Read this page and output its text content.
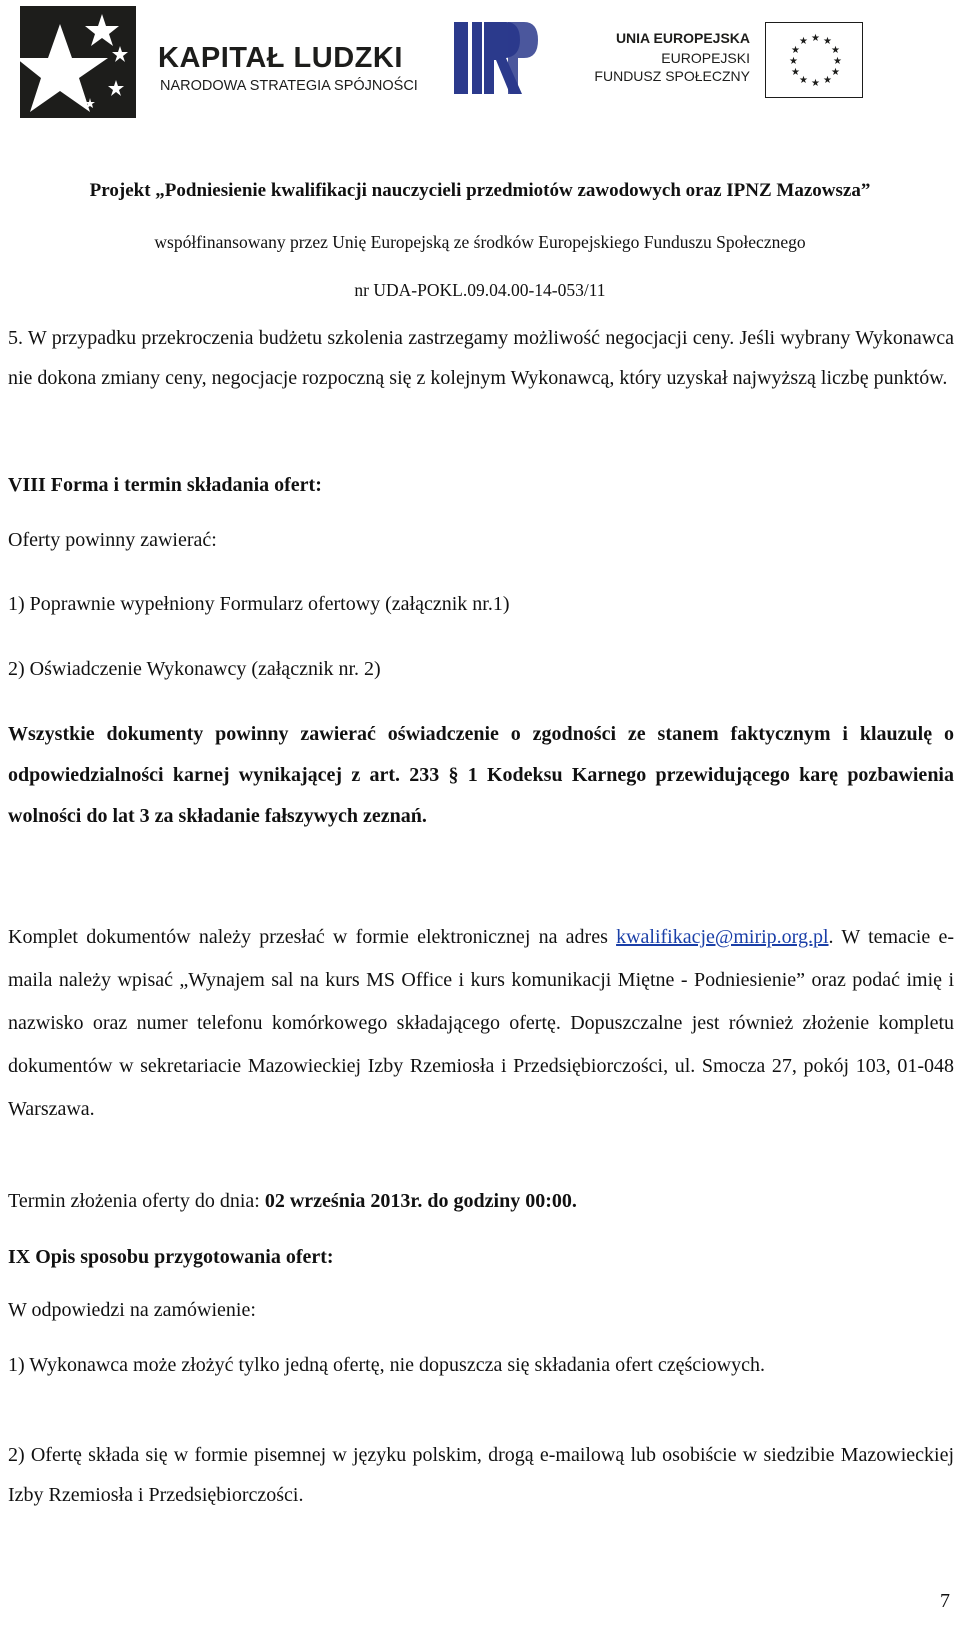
KAPITAŁ LUDZKI
NARODOWA STRATEGIA SPÓJNOŚCI
UNIA EUROPEJSKA
EUROPEJSKI
FUNDUSZ SPOŁECZNY
★ ★
★
★
★
★
★
★
★
★
★
★
Projekt „Podniesienie kwalifikacji nauczycieli przedmiotów zawodowych oraz IPNZ Mazowsza”
współfinansowany przez Unię Europejską ze środków Europejskiego Funduszu Społecznego
nr UDA-POKL.09.04.00-14-053/11
5. W przypadku przekroczenia budżetu szkolenia zastrzegamy możliwość negocjacji ceny. Jeśli wybrany Wykonawca nie dokona zmiany ceny, negocjacje rozpoczną się z kolejnym Wykonawcą, który uzyskał najwyższą liczbę punktów.
VIII Forma i termin składania ofert:
Oferty powinny zawierać:
1) Poprawnie wypełniony Formularz ofertowy (załącznik nr.1)
2) Oświadczenie Wykonawcy (załącznik nr. 2)
Wszystkie dokumenty powinny zawierać oświadczenie o zgodności ze stanem faktycznym i klauzulę o odpowiedzialności karnej wynikającej z art. 233 § 1 Kodeksu Karnego przewidującego karę pozbawienia wolności do lat 3 za składanie fałszywych zeznań.
Komplet dokumentów należy przesłać w formie elektronicznej na adres kwalifikacje@mirip.org.pl. W temacie e-maila należy wpisać „Wynajem sal na kurs MS Office i kurs komunikacji Miętne - Podniesienie” oraz podać imię i nazwisko oraz numer telefonu komórkowego składającego ofertę. Dopuszczalne jest również złożenie kompletu dokumentów w sekretariacie Mazowieckiej Izby Rzemiosła i Przedsiębiorczości, ul. Smocza 27, pokój 103, 01-048 Warszawa.
Termin złożenia oferty do dnia: 02 września 2013r. do godziny 00:00.
IX Opis sposobu przygotowania ofert:
W odpowiedzi na zamówienie:
1) Wykonawca może złożyć tylko jedną ofertę, nie dopuszcza się składania ofert częściowych.
2) Ofertę składa się w formie pisemnej w języku polskim, drogą e-mailową lub osobiście w siedzibie Mazowieckiej Izby Rzemiosła i Przedsiębiorczości.
7
